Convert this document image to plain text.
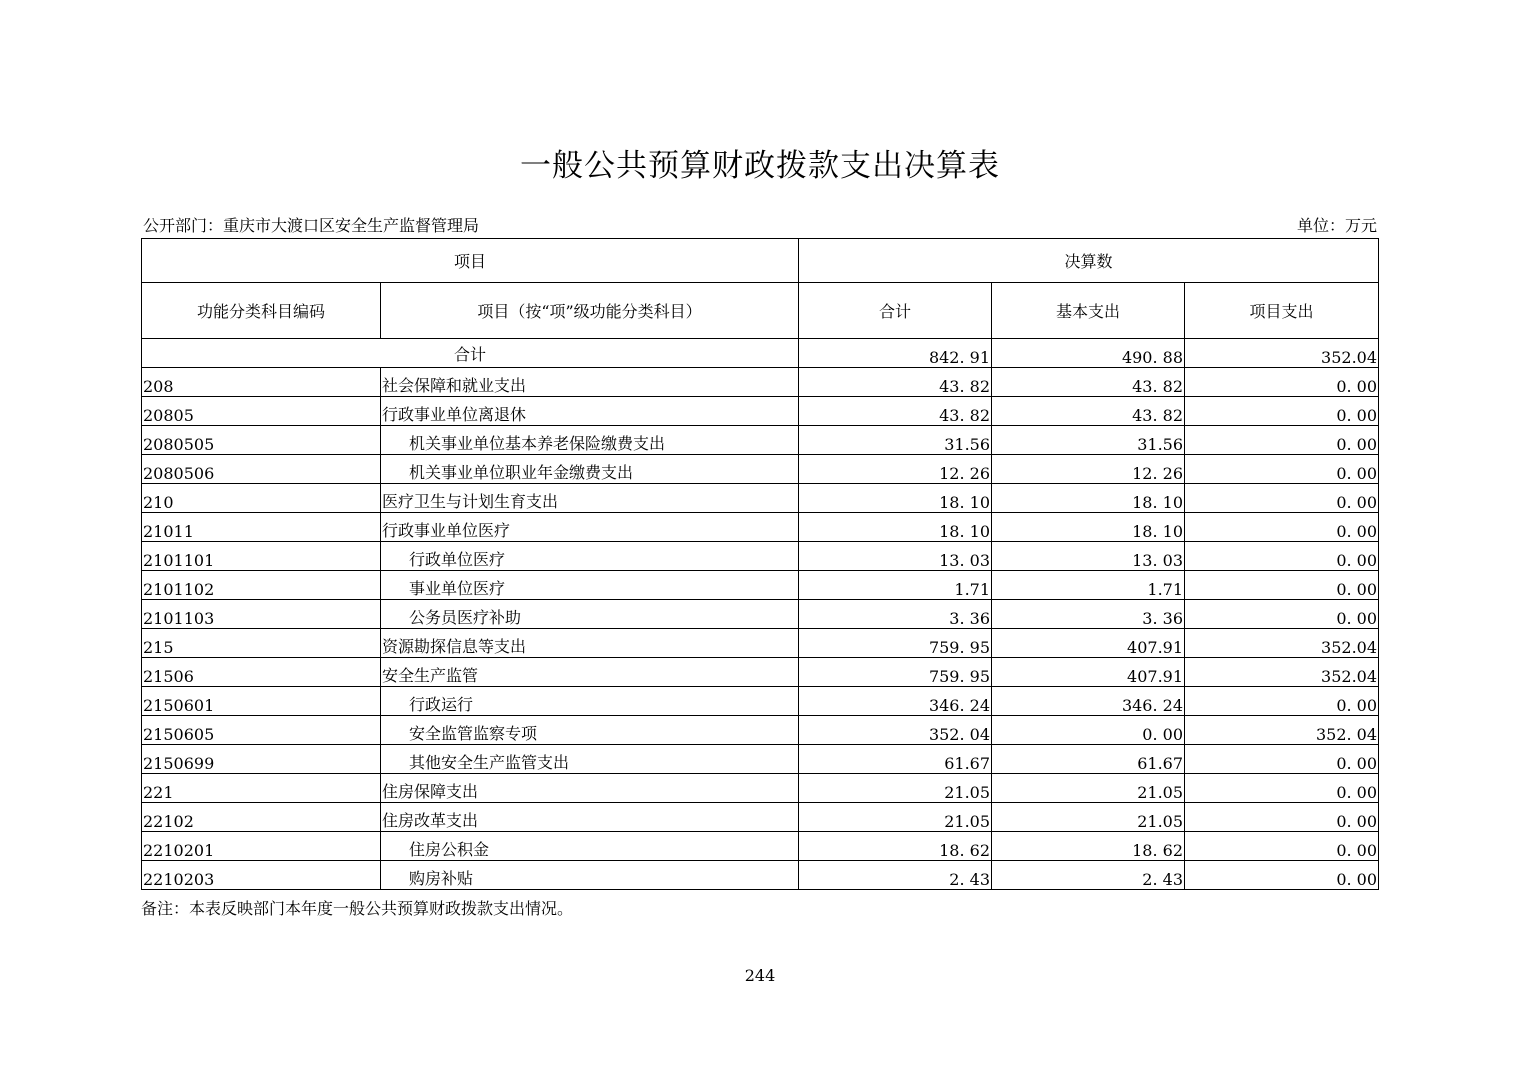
一般公共预算财政拨款支出决算表
公开部门：重庆市大渡口区安全生产监督管理局	单位：万元
项目		决算数		
功能分类科目编码	项目（按“项”级功能分类科目）	合计	基本支出	项目支出
合计		842. 91	490. 88	352.04
208	社会保障和就业支出	43. 82	43. 82	0. 00
20805	行政事业单位离退休	43. 82	43. 82	0. 00
2080505	机关事业单位基本养老保险缴费支出	31.56	31.56	0. 00
2080506	机关事业单位职业年金缴费支出	12. 26	12. 26	0. 00
210	医疗卫生与计划生育支出	18. 10	18. 10	0. 00
21011	行政事业单位医疗	18. 10	18. 10	0. 00
2101101	行政单位医疗	13. 03	13. 03	0. 00
2101102	事业单位医疗	1.71	1.71	0. 00
2101103	公务员医疗补助	3. 36	3. 36	0. 00
215	资源勘探信息等支出	759. 95	407.91	352.04
21506	安全生产监管	759. 95	407.91	352.04
2150601	行政运行	346. 24	346. 24	0. 00
2150605	安全监管监察专项	352. 04	0. 00	352. 04
2150699	其他安全生产监管支出	61.67	61.67	0. 00
221	住房保障支出	21.05	21.05	0. 00
22102	住房改革支出	21.05	21.05	0. 00
2210201	住房公积金	18. 62	18. 62	0. 00
2210203	购房补贴	2. 43	2. 43	0. 00
备注：本表反映部门本年度一般公共预算财政拨款支出情况。
244
